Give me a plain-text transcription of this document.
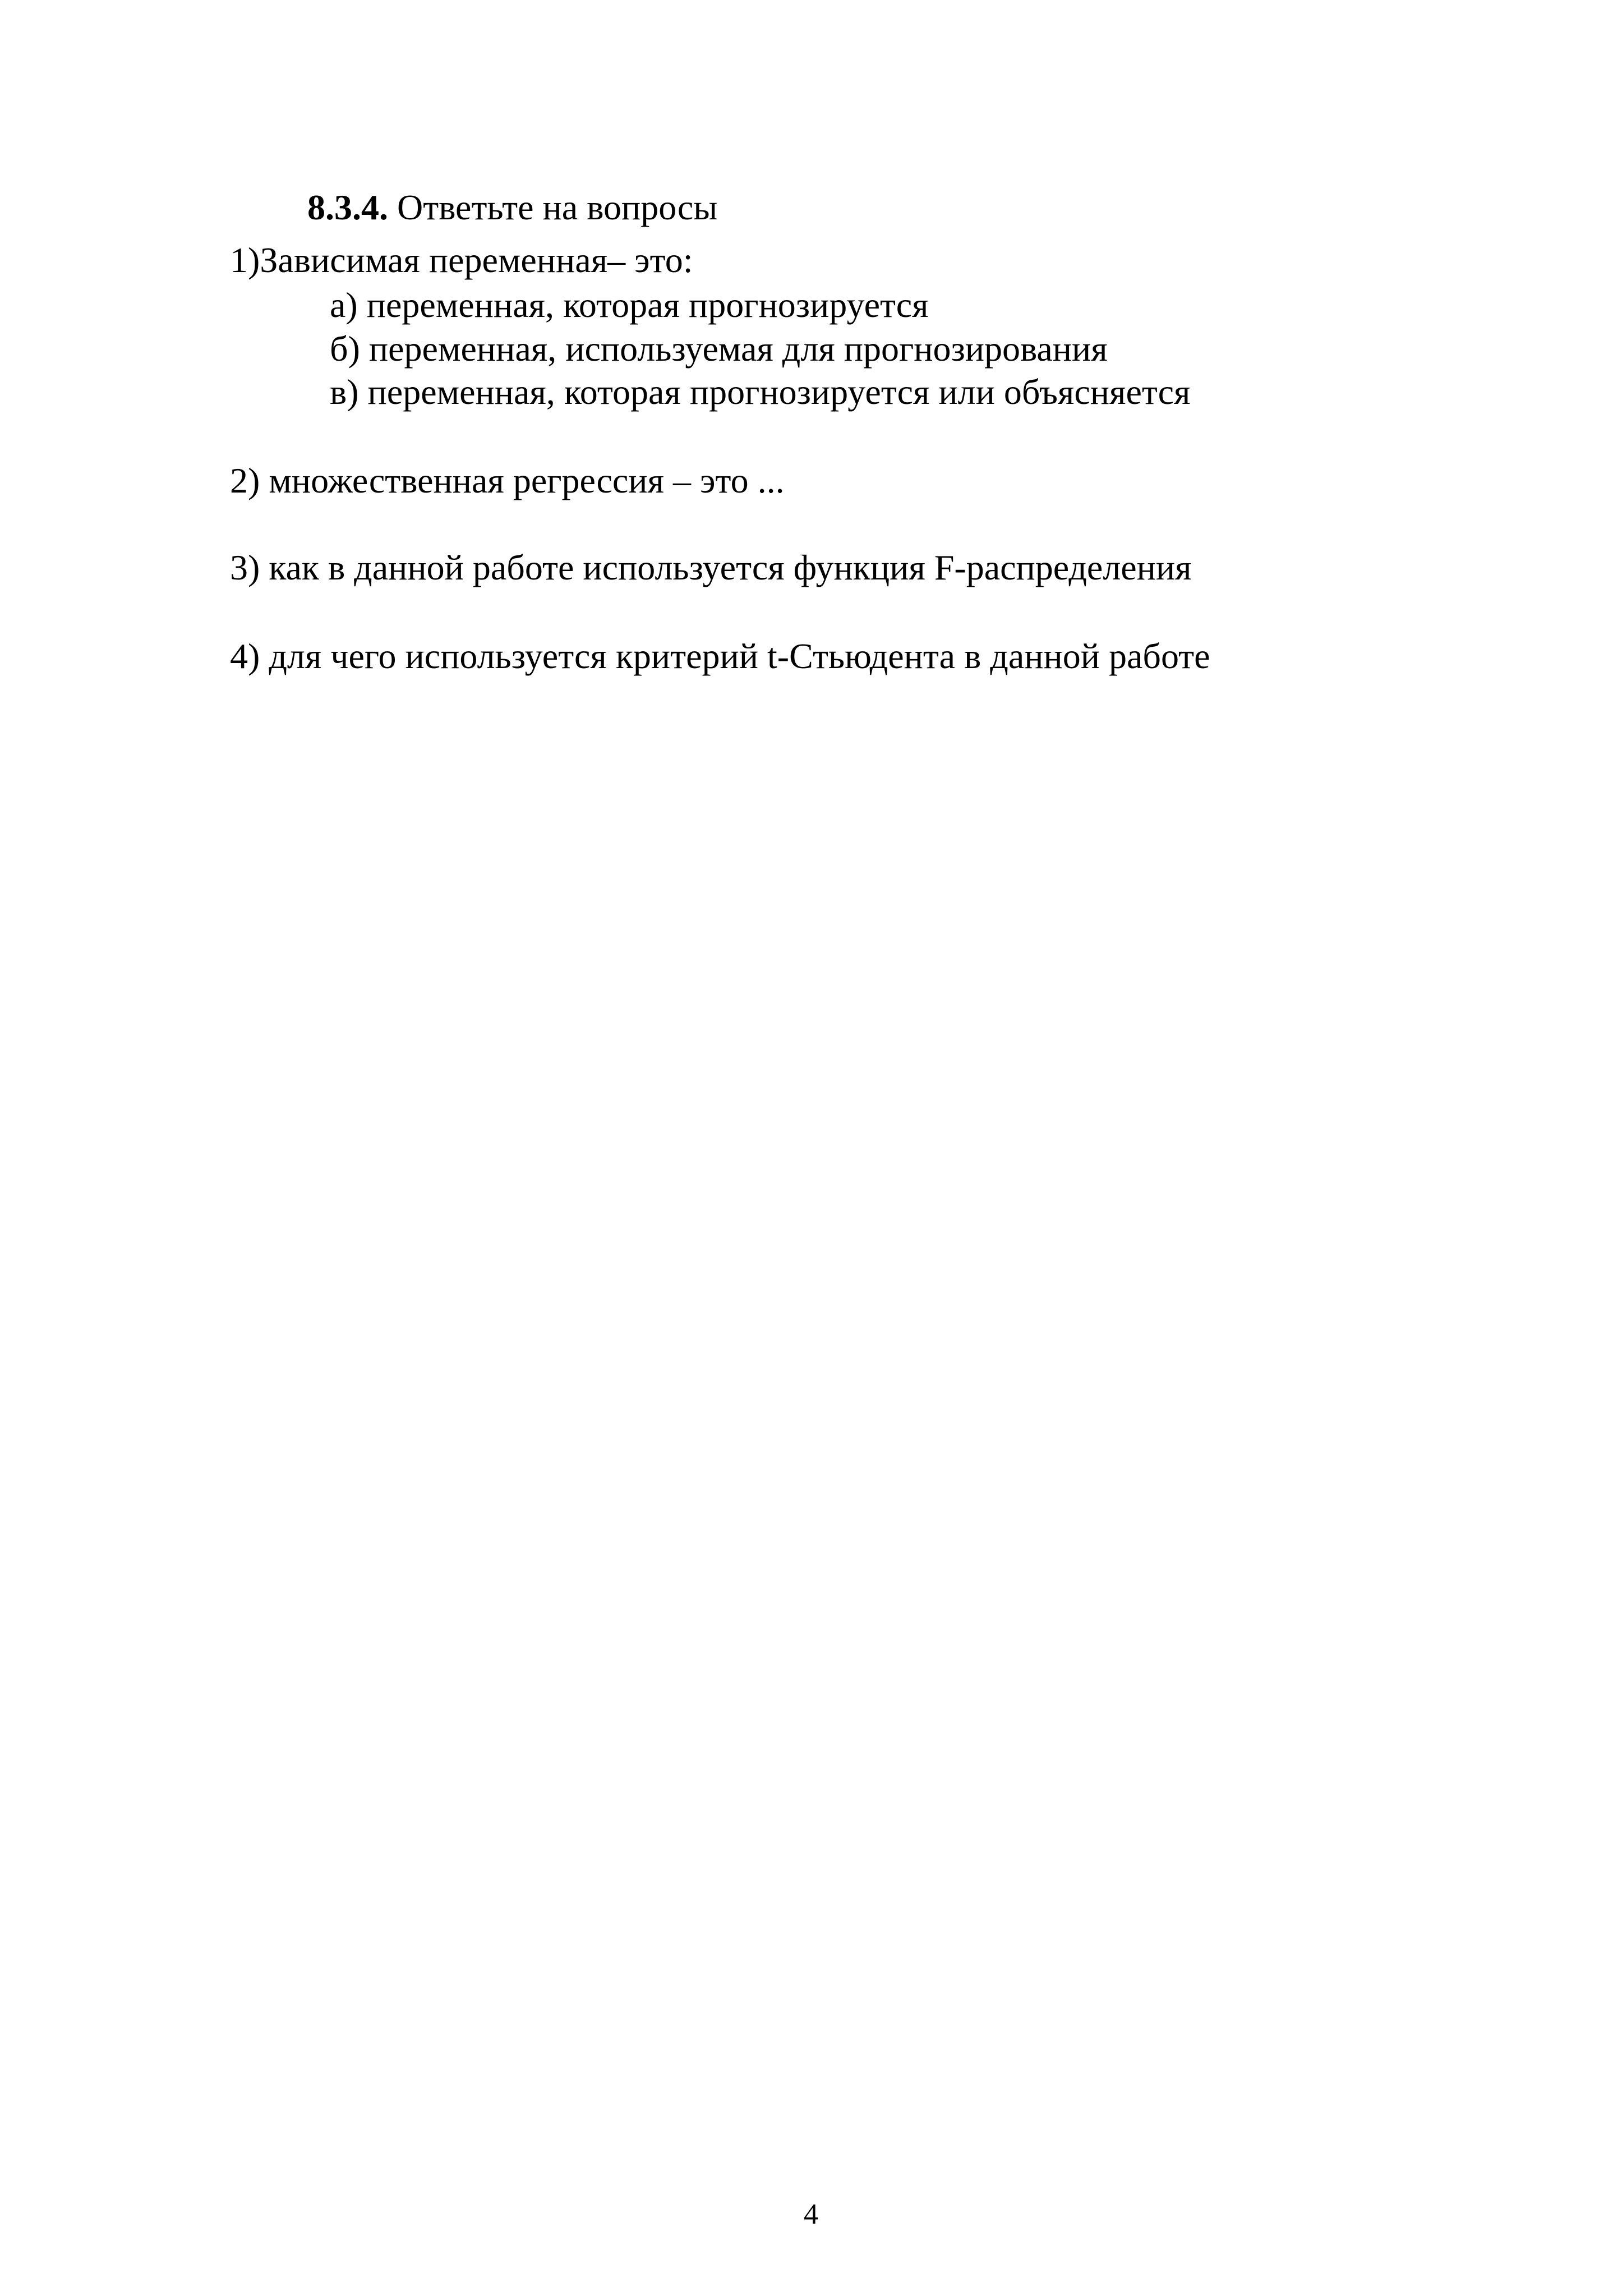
8.3.4. Ответьте на вопросы
1)Зависимая переменная– это:
а) переменная, которая прогнозируется
б) переменная, используемая для прогнозирования
в) переменная, которая прогнозируется или объясняется
2) множественная регрессия – это ...
3) как в данной работе используется функция F-распределения
4) для чего используется критерий t-Стьюдента в данной работе
4
